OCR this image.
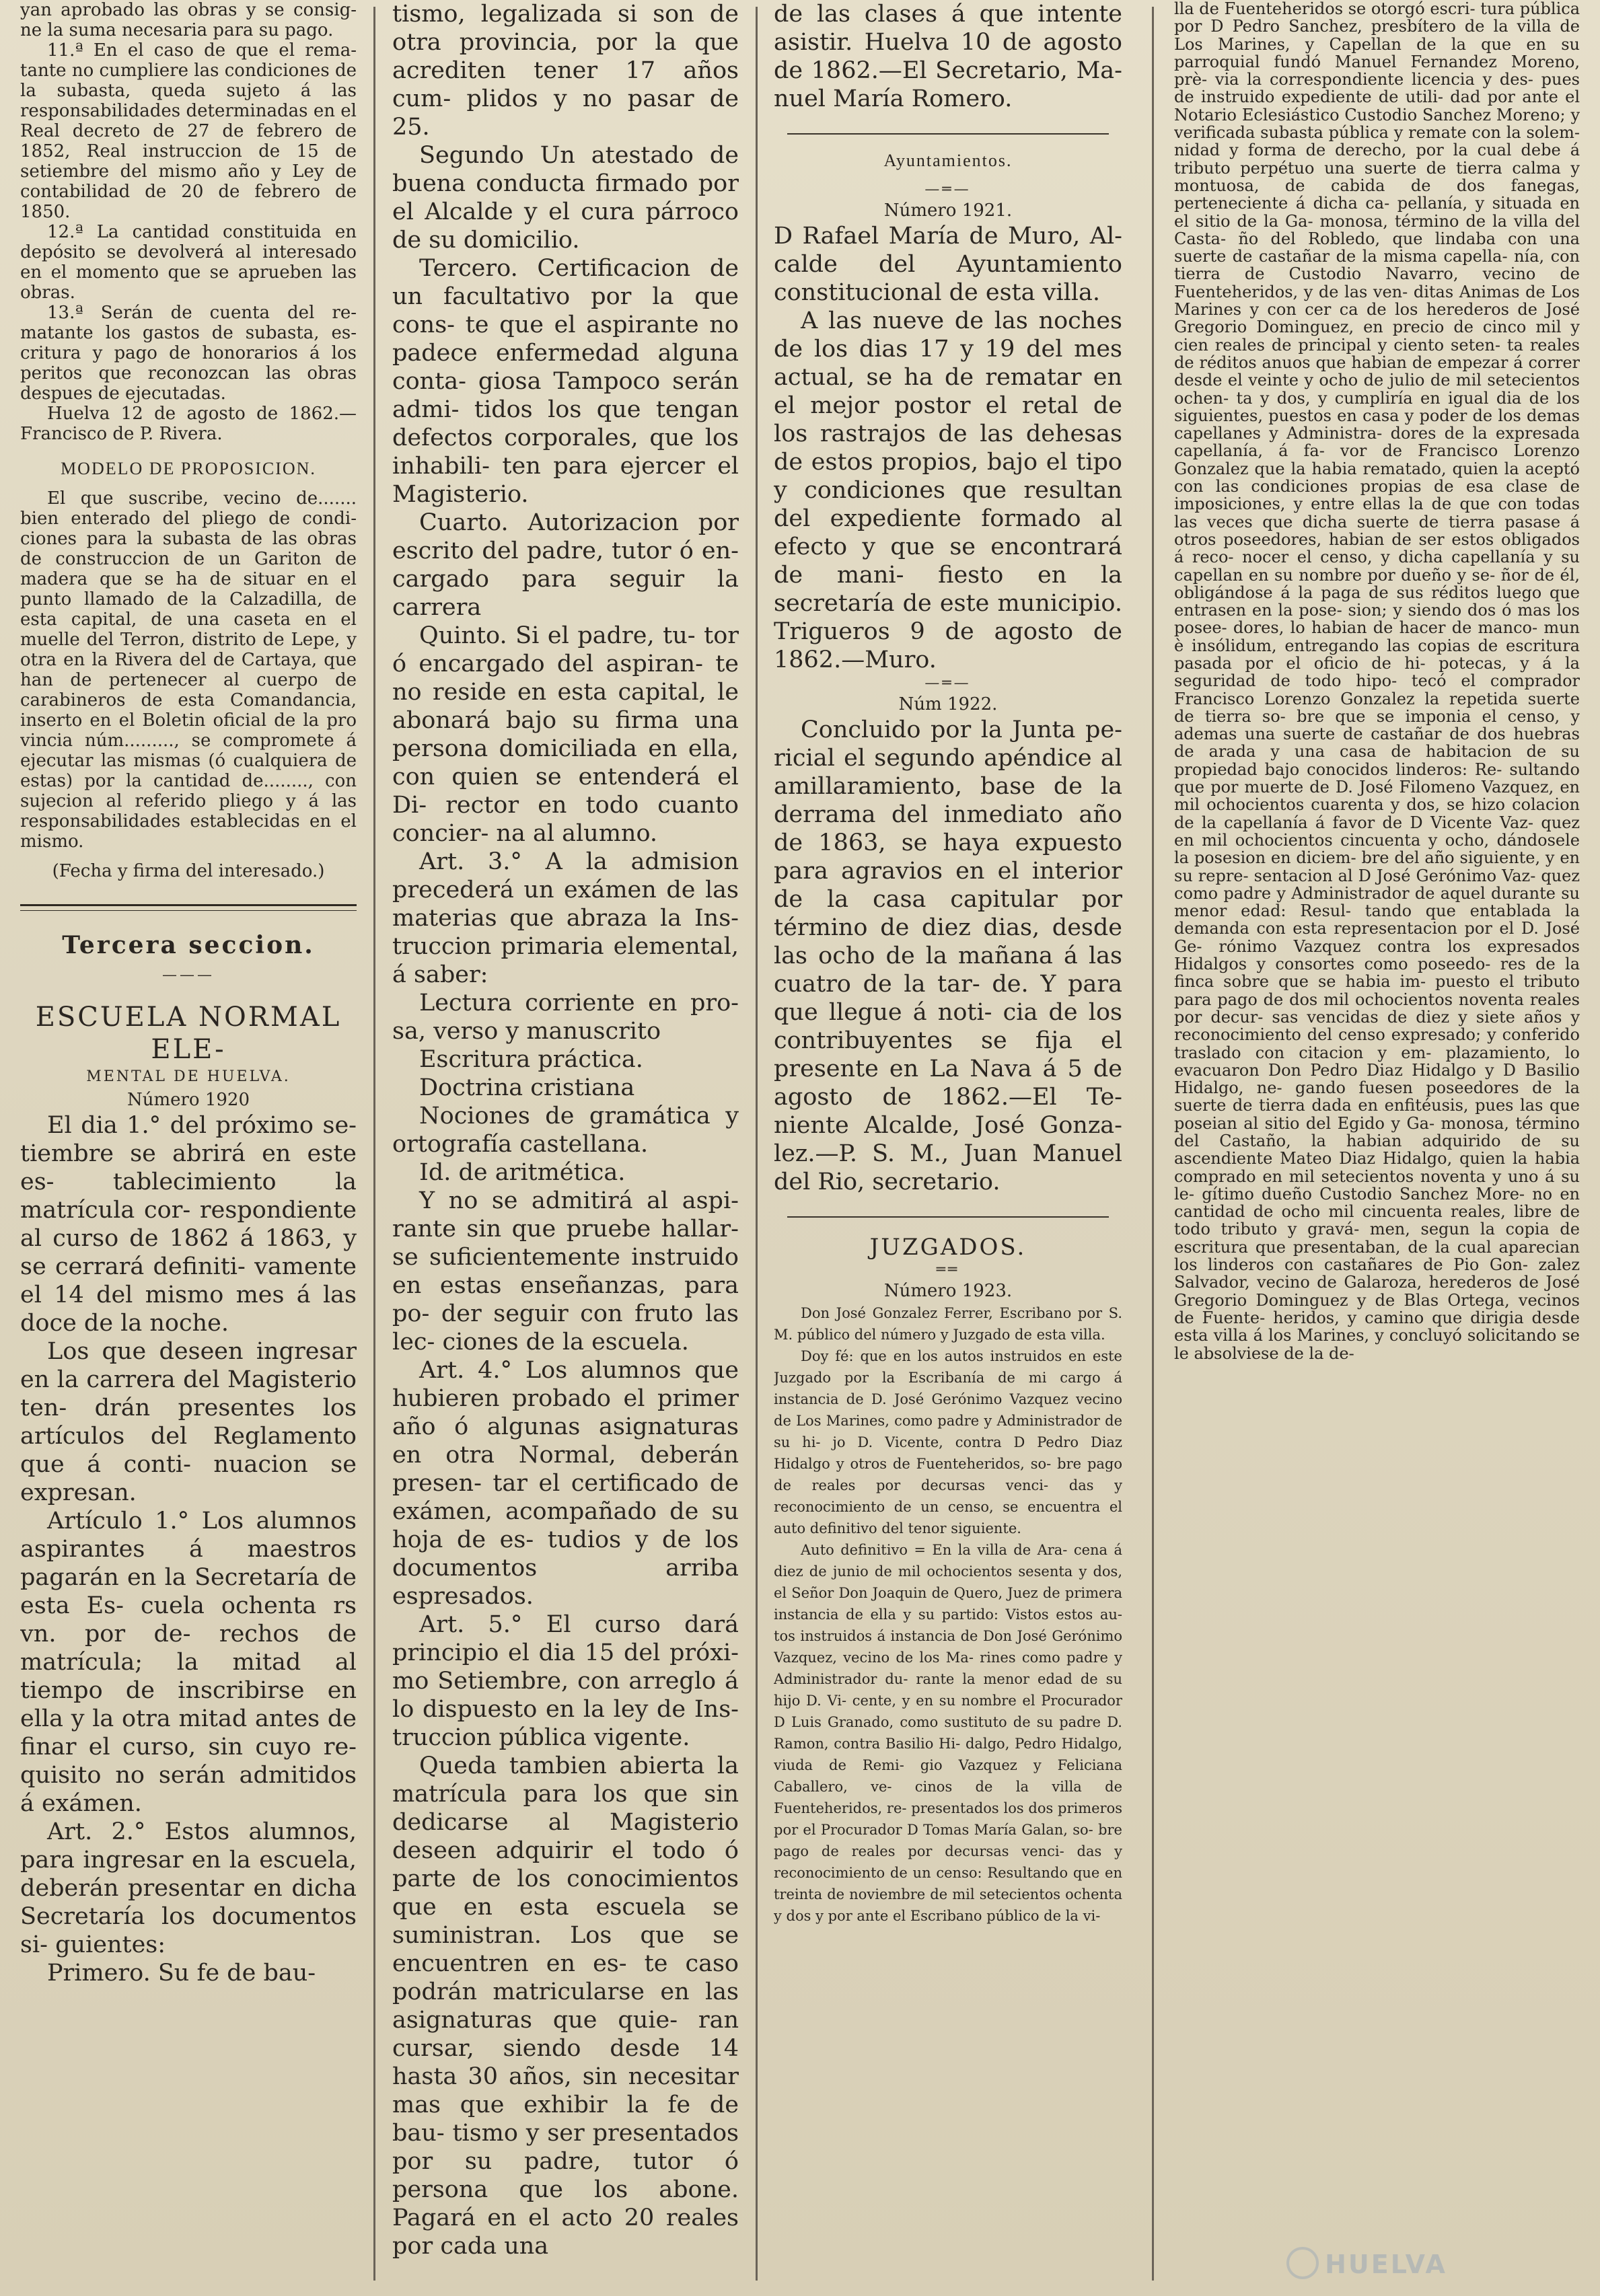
yan aprobado las obras y se consig- ne la suma necesaria para su pago.

11.ª En el caso de que el rema- tante no cumpliere las condiciones de la subasta, queda sujeto á las responsabilidades determinadas en el Real decreto de 27 de febrero de 1852, Real instruccion de 15 de setiembre del mismo año y Ley de contabilidad de 20 de febrero de 1850.

12.ª La cantidad constituida en depósito se devolverá al interesado en el momento que se aprueben las obras.

13.ª Serán de cuenta del re- matante los gastos de subasta, es- critura y pago de honorarios á los peritos que reconozcan las obras despues de ejecutadas.

Huelva 12 de agosto de 1862.— Francisco de P. Rivera.

MODELO DE PROPOSICION.

El que suscribe, vecino de....... bien enterado del pliego de condi- ciones para la subasta de las obras de construccion de un Gariton de madera que se ha de situar en el punto llamado de la Calzadilla, de esta capital, de una caseta en el muelle del Terron, distrito de Lepe, y otra en la Rivera del de Cartaya, que han de pertenecer al cuerpo de carabineros de esta Comandancia, inserto en el Boletin oficial de la pro vincia núm........., se compromete á ejecutar las mismas (ó cualquiera de estas) por la cantidad de........, con sujecion al referido pliego y á las responsabilidades establecidas en el mismo.

(Fecha y firma del interesado.)

Tercera seccion.

———

ESCUELA NORMAL ELE-

MENTAL DE HUELVA.

Número 1920

El dia 1.° del próximo se- tiembre se abrirá en este es- tablecimiento la matrícula cor- respondiente al curso de 1862 á 1863, y se cerrará definiti- vamente el 14 del mismo mes á las doce de la noche.

Los que deseen ingresar en la carrera del Magisterio ten- drán presentes los artículos del Reglamento que á conti- nuacion se expresan.

Artículo 1.° Los alumnos aspirantes á maestros pagarán en la Secretaría de esta Es- cuela ochenta rs vn. por de- rechos de matrícula; la mitad al tiempo de inscribirse en ella y la otra mitad antes de finar el curso, sin cuyo re- quisito no serán admitidos á exámen.

Art. 2.° Estos alumnos, para ingresar en la escuela, deberán presentar en dicha Secretaría los documentos si- guientes:

Primero. Su fe de bau-

tismo, legalizada si son de otra provincia, por la que acrediten tener 17 años cum- plidos y no pasar de 25.

Segundo Un atestado de buena conducta firmado por el Alcalde y el cura párroco de su domicilio.

Tercero. Certificacion de un facultativo por la que cons- te que el aspirante no padece enfermedad alguna conta- giosa Tampoco serán admi- tidos los que tengan defectos corporales, que los inhabili- ten para ejercer el Magisterio.

Cuarto. Autorizacion por escrito del padre, tutor ó en- cargado para seguir la carrera

Quinto. Si el padre, tu- tor ó encargado del aspiran- te no reside en esta capital, le abonará bajo su firma una persona domiciliada en ella, con quien se entenderá el Di- rector en todo cuanto concier- na al alumno.

Art. 3.° A la admision precederá un exámen de las materias que abraza la Ins- truccion primaria elemental, á saber:

Lectura corriente en pro- sa, verso y manuscrito

Escritura práctica.

Doctrina cristiana

Nociones de gramática y ortografía castellana.

Id. de aritmética.

Y no se admitirá al aspi- rante sin que pruebe hallar- se suficientemente instruido en estas enseñanzas, para po- der seguir con fruto las lec- ciones de la escuela.

Art. 4.° Los alumnos que hubieren probado el primer año ó algunas asignaturas en otra Normal, deberán presen- tar el certificado de exámen, acompañado de su hoja de es- tudios y de los documentos arriba espresados.

Art. 5.° El curso dará principio el dia 15 del próxi- mo Setiembre, con arreglo á lo dispuesto en la ley de Ins- truccion pública vigente.

Queda tambien abierta la matrícula para los que sin dedicarse al Magisterio deseen adquirir el todo ó parte de los conocimientos que en esta escuela se suministran. Los que se encuentren en es- te caso podrán matricularse en las asignaturas que quie- ran cursar, siendo desde 14 hasta 30 años, sin necesitar mas que exhibir la fe de bau- tismo y ser presentados por su padre, tutor ó persona que los abone. Pagará en el acto 20 reales por cada una

de las clases á que intente asistir. Huelva 10 de agosto de 1862.—El Secretario, Ma- nuel María Romero.

Ayuntamientos.

—═—

Número 1921.

D Rafael María de Muro, Al- calde del Ayuntamiento constitucional de esta villa.

A las nueve de las noches de los dias 17 y 19 del mes actual, se ha de rematar en el mejor postor el retal de los rastrajos de las dehesas de estos propios, bajo el tipo y condiciones que resultan del expediente formado al efecto y que se encontrará de mani- fiesto en la secretaría de este municipio. Trigueros 9 de agosto de 1862.—Muro.

—═—

Núm 1922.

Concluido por la Junta pe- ricial el segundo apéndice al amillaramiento, base de la derrama del inmediato año de 1863, se haya expuesto para agravios en el interior de la casa capitular por término de diez dias, desde las ocho de la mañana á las cuatro de la tar- de. Y para que llegue á noti- cia de los contribuyentes se fija el presente en La Nava á 5 de agosto de 1862.—El Te- niente Alcalde, José Gonza- lez.—P. S. M., Juan Manuel del Rio, secretario.

JUZGADOS.

══

Número 1923.

Don José Gonzalez Ferrer, Escribano por S. M. público del número y Juzgado de esta villa.

Doy fé: que en los autos instruidos en este Juzgado por la Escribanía de mi cargo á instancia de D. José Gerónimo Vazquez vecino de Los Marines, como padre y Administrador de su hi- jo D. Vicente, contra D Pedro Diaz Hidalgo y otros de Fuenteheridos, so- bre pago de reales por decursas venci- das y reconocimiento de un censo, se encuentra el auto definitivo del tenor siguiente.

Auto definitivo = En la villa de Ara- cena á diez de junio de mil ochocientos sesenta y dos, el Señor Don Joaquin de Quero, Juez de primera instancia de ella y su partido: Vistos estos au- tos instruidos á instancia de Don José Gerónimo Vazquez, vecino de los Ma- rines como padre y Administrador du- rante la menor edad de su hijo D. Vi- cente, y en su nombre el Procurador D Luis Granado, como sustituto de su padre D. Ramon, contra Basilio Hi- dalgo, Pedro Hidalgo, viuda de Remi- gio Vazquez y Feliciana Caballero, ve- cinos de la villa de Fuenteheridos, re- presentados los dos primeros por el Procurador D Tomas María Galan, so- bre pago de reales por decursas venci- das y reconocimiento de un censo: Resultando que en treinta de noviembre de mil setecientos ochenta y dos y por ante el Escribano público de la vi-

lla de Fuenteheridos se otorgó escri- tura pública por D Pedro Sanchez, presbítero de la villa de Los Marines, y Capellan de la que en su parroquial fundó Manuel Fernandez Moreno, prè- via la correspondiente licencia y des- pues de instruido expediente de utili- dad por ante el Notario Eclesiástico Custodio Sanchez Moreno; y verificada subasta pública y remate con la solem- nidad y forma de derecho, por la cual debe á tributo perpétuo una suerte de tierra calma y montuosa, de cabida de dos fanegas, perteneciente á dicha ca- pellanía, y situada en el sitio de la Ga- monosa, término de la villa del Casta- ño del Robledo, que lindaba con una suerte de castañar de la misma capella- nía, con tierra de Custodio Navarro, vecino de Fuenteheridos, y de las ven- ditas Animas de Los Marines y con cer ca de los herederos de José Gregorio Dominguez, en precio de cinco mil y cien reales de principal y ciento seten- ta reales de réditos anuos que habian de empezar á correr desde el veinte y ocho de julio de mil setecientos ochen- ta y dos, y cumpliría en igual dia de los siguientes, puestos en casa y poder de los demas capellanes y Administra- dores de la expresada capellanía, á fa- vor de Francisco Lorenzo Gonzalez que la habia rematado, quien la aceptó con las condiciones propias de esa clase de imposiciones, y entre ellas la de que con todas las veces que dicha suerte de tierra pasase á otros poseedores, habian de ser estos obligados á reco- nocer el censo, y dicha capellanía y su capellan en su nombre por dueño y se- ñor de él, obligándose á la paga de sus réditos luego que entrasen en la pose- sion; y siendo dos ó mas los posee- dores, lo habian de hacer de manco- mun è insólidum, entregando las copias de escritura pasada por el oficio de hi- potecas, y á la seguridad de todo hipo- tecó el comprador Francisco Lorenzo Gonzalez la repetida suerte de tierra so- bre que se imponia el censo, y ademas una suerte de castañar de dos huebras de arada y una casa de habitacion de su propiedad bajo conocidos linderos: Re- sultando que por muerte de D. José Filomeno Vazquez, en mil ochocientos cuarenta y dos, se hizo colacion de la capellanía á favor de D Vicente Vaz- quez en mil ochocientos cincuenta y ocho, dándosele la posesion en diciem- bre del año siguiente, y en su repre- sentacion al D José Gerónimo Vaz- quez como padre y Administrador de aquel durante su menor edad: Resul- tando que entablada la demanda con esta representacion por el D. José Ge- rónimo Vazquez contra los expresados Hidalgos y consortes como poseedo- res de la finca sobre que se habia im- puesto el tributo para pago de dos mil ochocientos noventa reales por decur- sas vencidas de diez y siete años y reconocimiento del censo expresado; y conferido traslado con citacion y em- plazamiento, lo evacuaron Don Pedro Diaz Hidalgo y D Basilio Hidalgo, ne- gando fuesen poseedores de la suerte de tierra dada en enfitéusis, pues las que poseian al sitio del Egido y Ga- monosa, término del Castaño, la habian adquirido de su ascendiente Mateo Diaz Hidalgo, quien la habia comprado en mil setecientos noventa y uno á su le- gítimo dueño Custodio Sanchez More- no en cantidad de ocho mil cincuenta reales, libre de todo tributo y gravá- men, segun la copia de escritura que presentaban, de la cual aparecian los linderos con castañares de Pio Gon- zalez Salvador, vecino de Galaroza, herederos de José Gregorio Dominguez y de Blas Ortega, vecinos de Fuente- heridos, y camino que dirigia desde esta villa á los Marines, y concluyó solicitando se le absolviese de la de-

HUELVA
